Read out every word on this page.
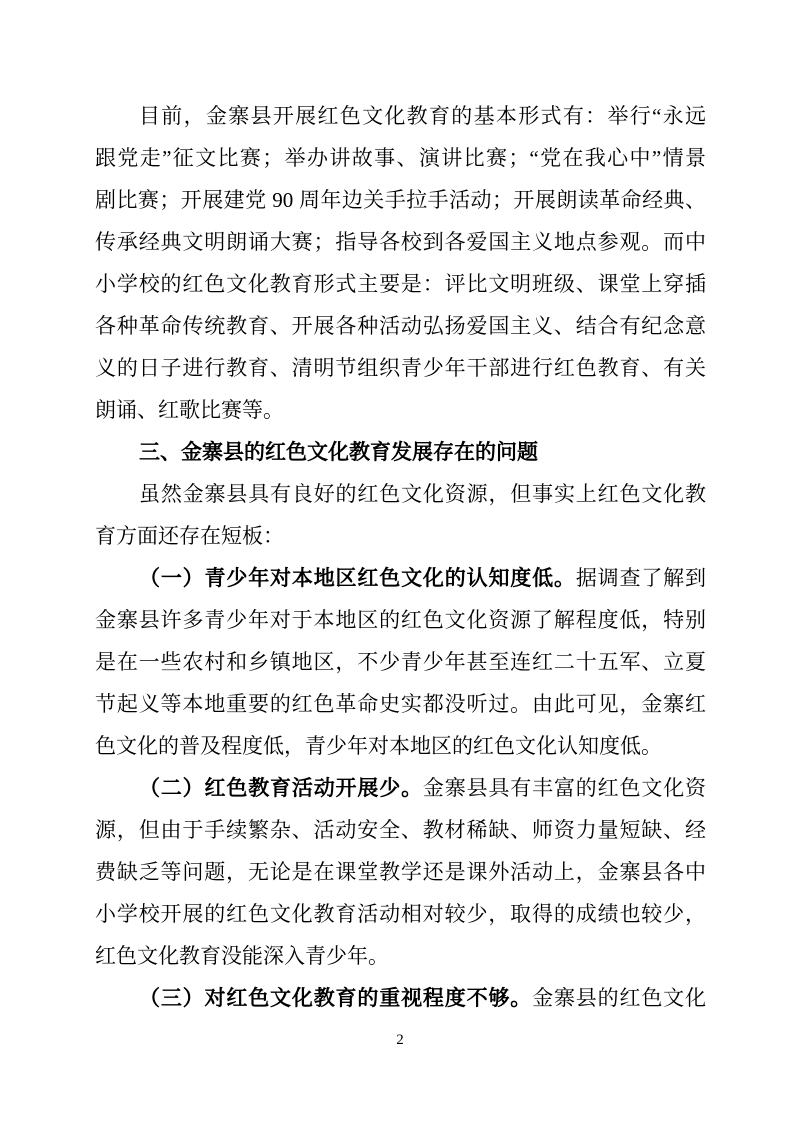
目前，金寨县开展红色文化教育的基本形式有：举行“永远
跟党走”征文比赛；举办讲故事、演讲比赛；“党在我心中”情景
剧比赛；开展建党 90 周年边关手拉手活动；开展朗读革命经典、
传承经典文明朗诵大赛；指导各校到各爱国主义地点参观。而中
小学校的红色文化教育形式主要是：评比文明班级、课堂上穿插
各种革命传统教育、开展各种活动弘扬爱国主义、结合有纪念意
义的日子进行教育、清明节组织青少年干部进行红色教育、有关
朗诵、红歌比赛等。
三、金寨县的红色文化教育发展存在的问题
虽然金寨县具有良好的红色文化资源，但事实上红色文化教
育方面还存在短板：
（一）青少年对本地区红色文化的认知度低。据调查了解到
金寨县许多青少年对于本地区的红色文化资源了解程度低，特别
是在一些农村和乡镇地区，不少青少年甚至连红二十五军、立夏
节起义等本地重要的红色革命史实都没听过。由此可见，金寨红
色文化的普及程度低，青少年对本地区的红色文化认知度低。
（二）红色教育活动开展少。金寨县具有丰富的红色文化资
源，但由于手续繁杂、活动安全、教材稀缺、师资力量短缺、经
费缺乏等问题，无论是在课堂教学还是课外活动上，金寨县各中
小学校开展的红色文化教育活动相对较少，取得的成绩也较少，
红色文化教育没能深入青少年。
（三）对红色文化教育的重视程度不够。金寨县的红色文化
2
